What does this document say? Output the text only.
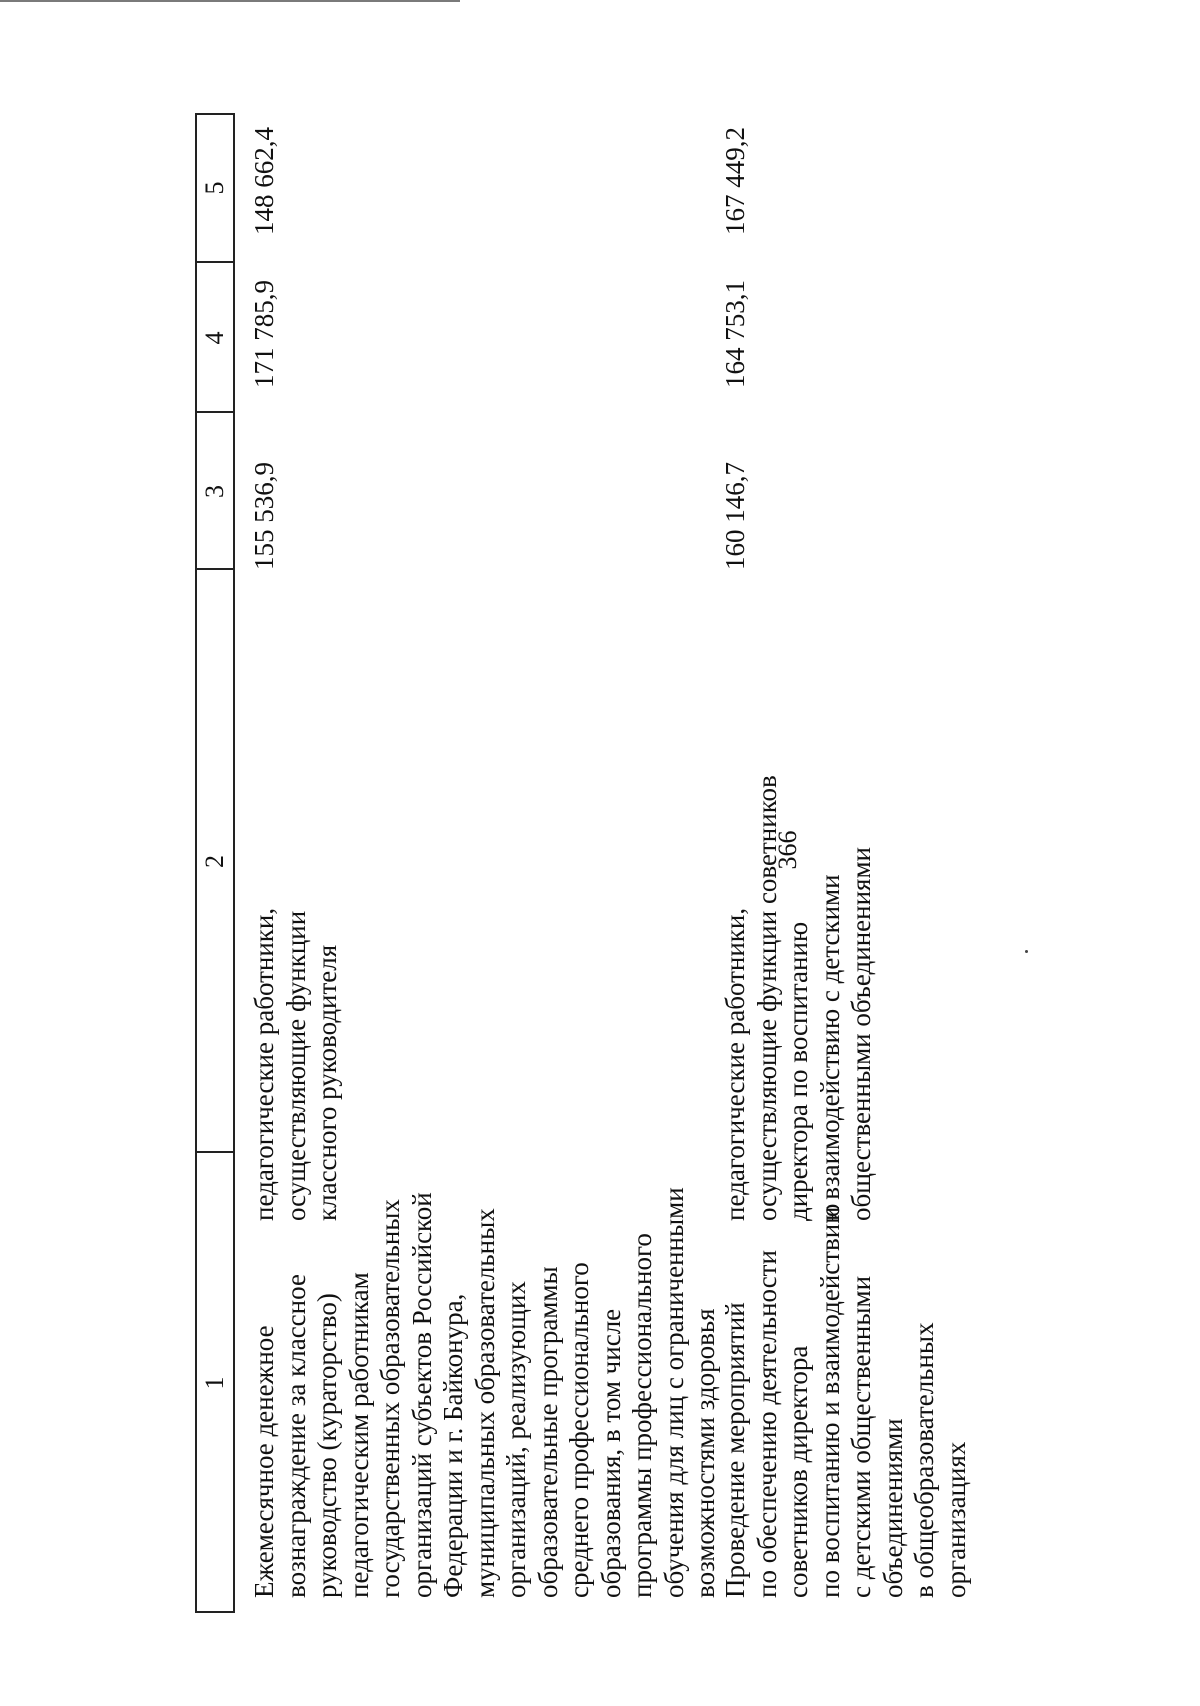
366
1
2
3
4
5
Ежемесячное денежное
вознаграждение за классное
руководство (кураторство)
педагогическим работникам
государственных образовательных
организаций субъектов Российской
Федерации и г. Байконура,
муниципальных образовательных
организаций, реализующих
образовательные программы
среднего профессионального
образования, в том числе
программы профессионального
обучения для лиц с ограниченными
возможностями здоровья
педагогические работники,
осуществляющие функции
классного руководителя
155 536,9
171 785,9
148 662,4
Проведение мероприятий
по обеспечению деятельности
советников директора
по воспитанию и взаимодействию
с детскими общественными
объединениями
в общеобразовательных
организациях
педагогические работники,
осуществляющие функции советников
директора по воспитанию
и взаимодействию с детскими
общественными объединениями
160 146,7
164 753,1
167 449,2
